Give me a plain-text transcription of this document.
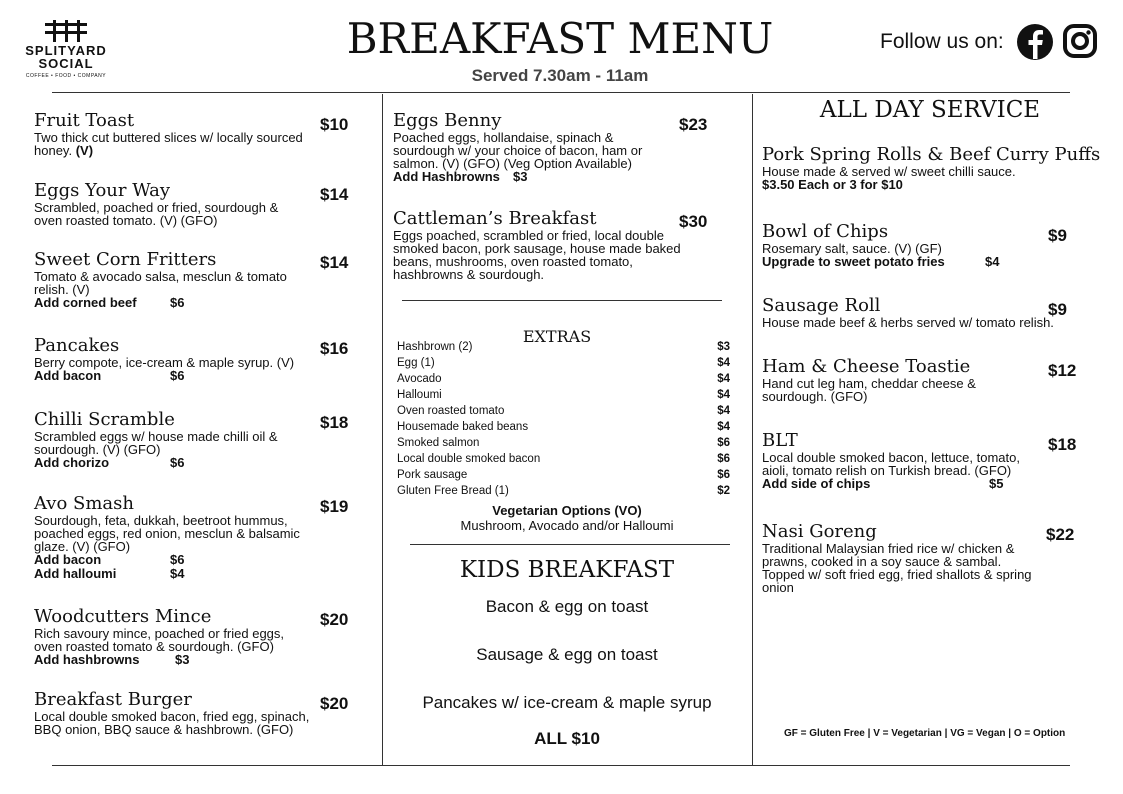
SPLITYARD
SOCIAL
COFFEE • FOOD • COMPANY
BREAKFAST MENU
Served 7.30am - 11am
Follow us on:
Fruit Toast
Two thick cut buttered slices w/ locally sourced honey. (V)
$10
Eggs Your Way
Scrambled, poached or fried, sourdough & oven roasted tomato. (V) (GFO)
$14
Sweet Corn Fritters
Tomato & avocado salsa, mesclun & tomato relish. (V)
Add corned beef	$6
$14
Pancakes
Berry compote, ice-cream & maple syrup. (V)
Add bacon	$6
$16
Chilli Scramble
Scrambled eggs w/ house made chilli oil & sourdough. (V) (GFO)
Add chorizo	$6
$18
Avo Smash
Sourdough, feta, dukkah, beetroot hummus, poached eggs, red onion, mesclun & balsamic glaze. (V) (GFO)
Add bacon	$6
Add halloumi	$4
$19
Woodcutters Mince
Rich savoury mince, poached or fried eggs, oven roasted tomato & sourdough. (GFO)
Add hashbrowns	$3
$20
Breakfast Burger
Local double smoked bacon, fried egg, spinach, BBQ onion, BBQ sauce & hashbrown. (GFO)
$20
Eggs Benny
Poached eggs, hollandaise, spinach & sourdough w/ your choice of bacon, ham or salmon. (V) (GFO) (Veg Option Available)
Add Hashbrowns $3
$23
Cattleman’s Breakfast
Eggs poached, scrambled or fried, local double smoked bacon, pork sausage, house made baked beans, mushrooms, oven roasted tomato, hashbrowns & sourdough.
$30
EXTRAS
Hashbrown (2)	$3
Egg (1)	$4
Avocado	$4
Halloumi	$4
Oven roasted tomato	$4
Housemade baked beans	$4
Smoked salmon	$6
Local double smoked bacon	$6
Pork sausage	$6
Gluten Free Bread (1)	$2
Vegetarian Options (VO)
Mushroom, Avocado and/or Halloumi
KIDS BREAKFAST
Bacon & egg on toast
Sausage & egg on toast
Pancakes w/ ice-cream & maple syrup
ALL $10
ALL DAY SERVICE
Pork Spring Rolls & Beef Curry Puffs
House made & served w/ sweet chilli sauce.
$3.50 Each or 3 for $10
Bowl of Chips
Rosemary salt, sauce. (V) (GF)
Upgrade to sweet potato fries	$4
$9
Sausage Roll
House made beef & herbs served w/ tomato relish.
$9
Ham & Cheese Toastie
Hand cut leg ham, cheddar cheese & sourdough. (GFO)
$12
BLT
Local double smoked bacon, lettuce, tomato, aioli, tomato relish on Turkish bread. (GFO)
Add side of chips	$5
$18
Nasi Goreng
Traditional Malaysian fried rice w/ chicken & prawns, cooked in a soy sauce & sambal. Topped w/ soft fried egg, fried shallots & spring onion
$22
GF = Gluten Free | V = Vegetarian | VG = Vegan | O = Option
